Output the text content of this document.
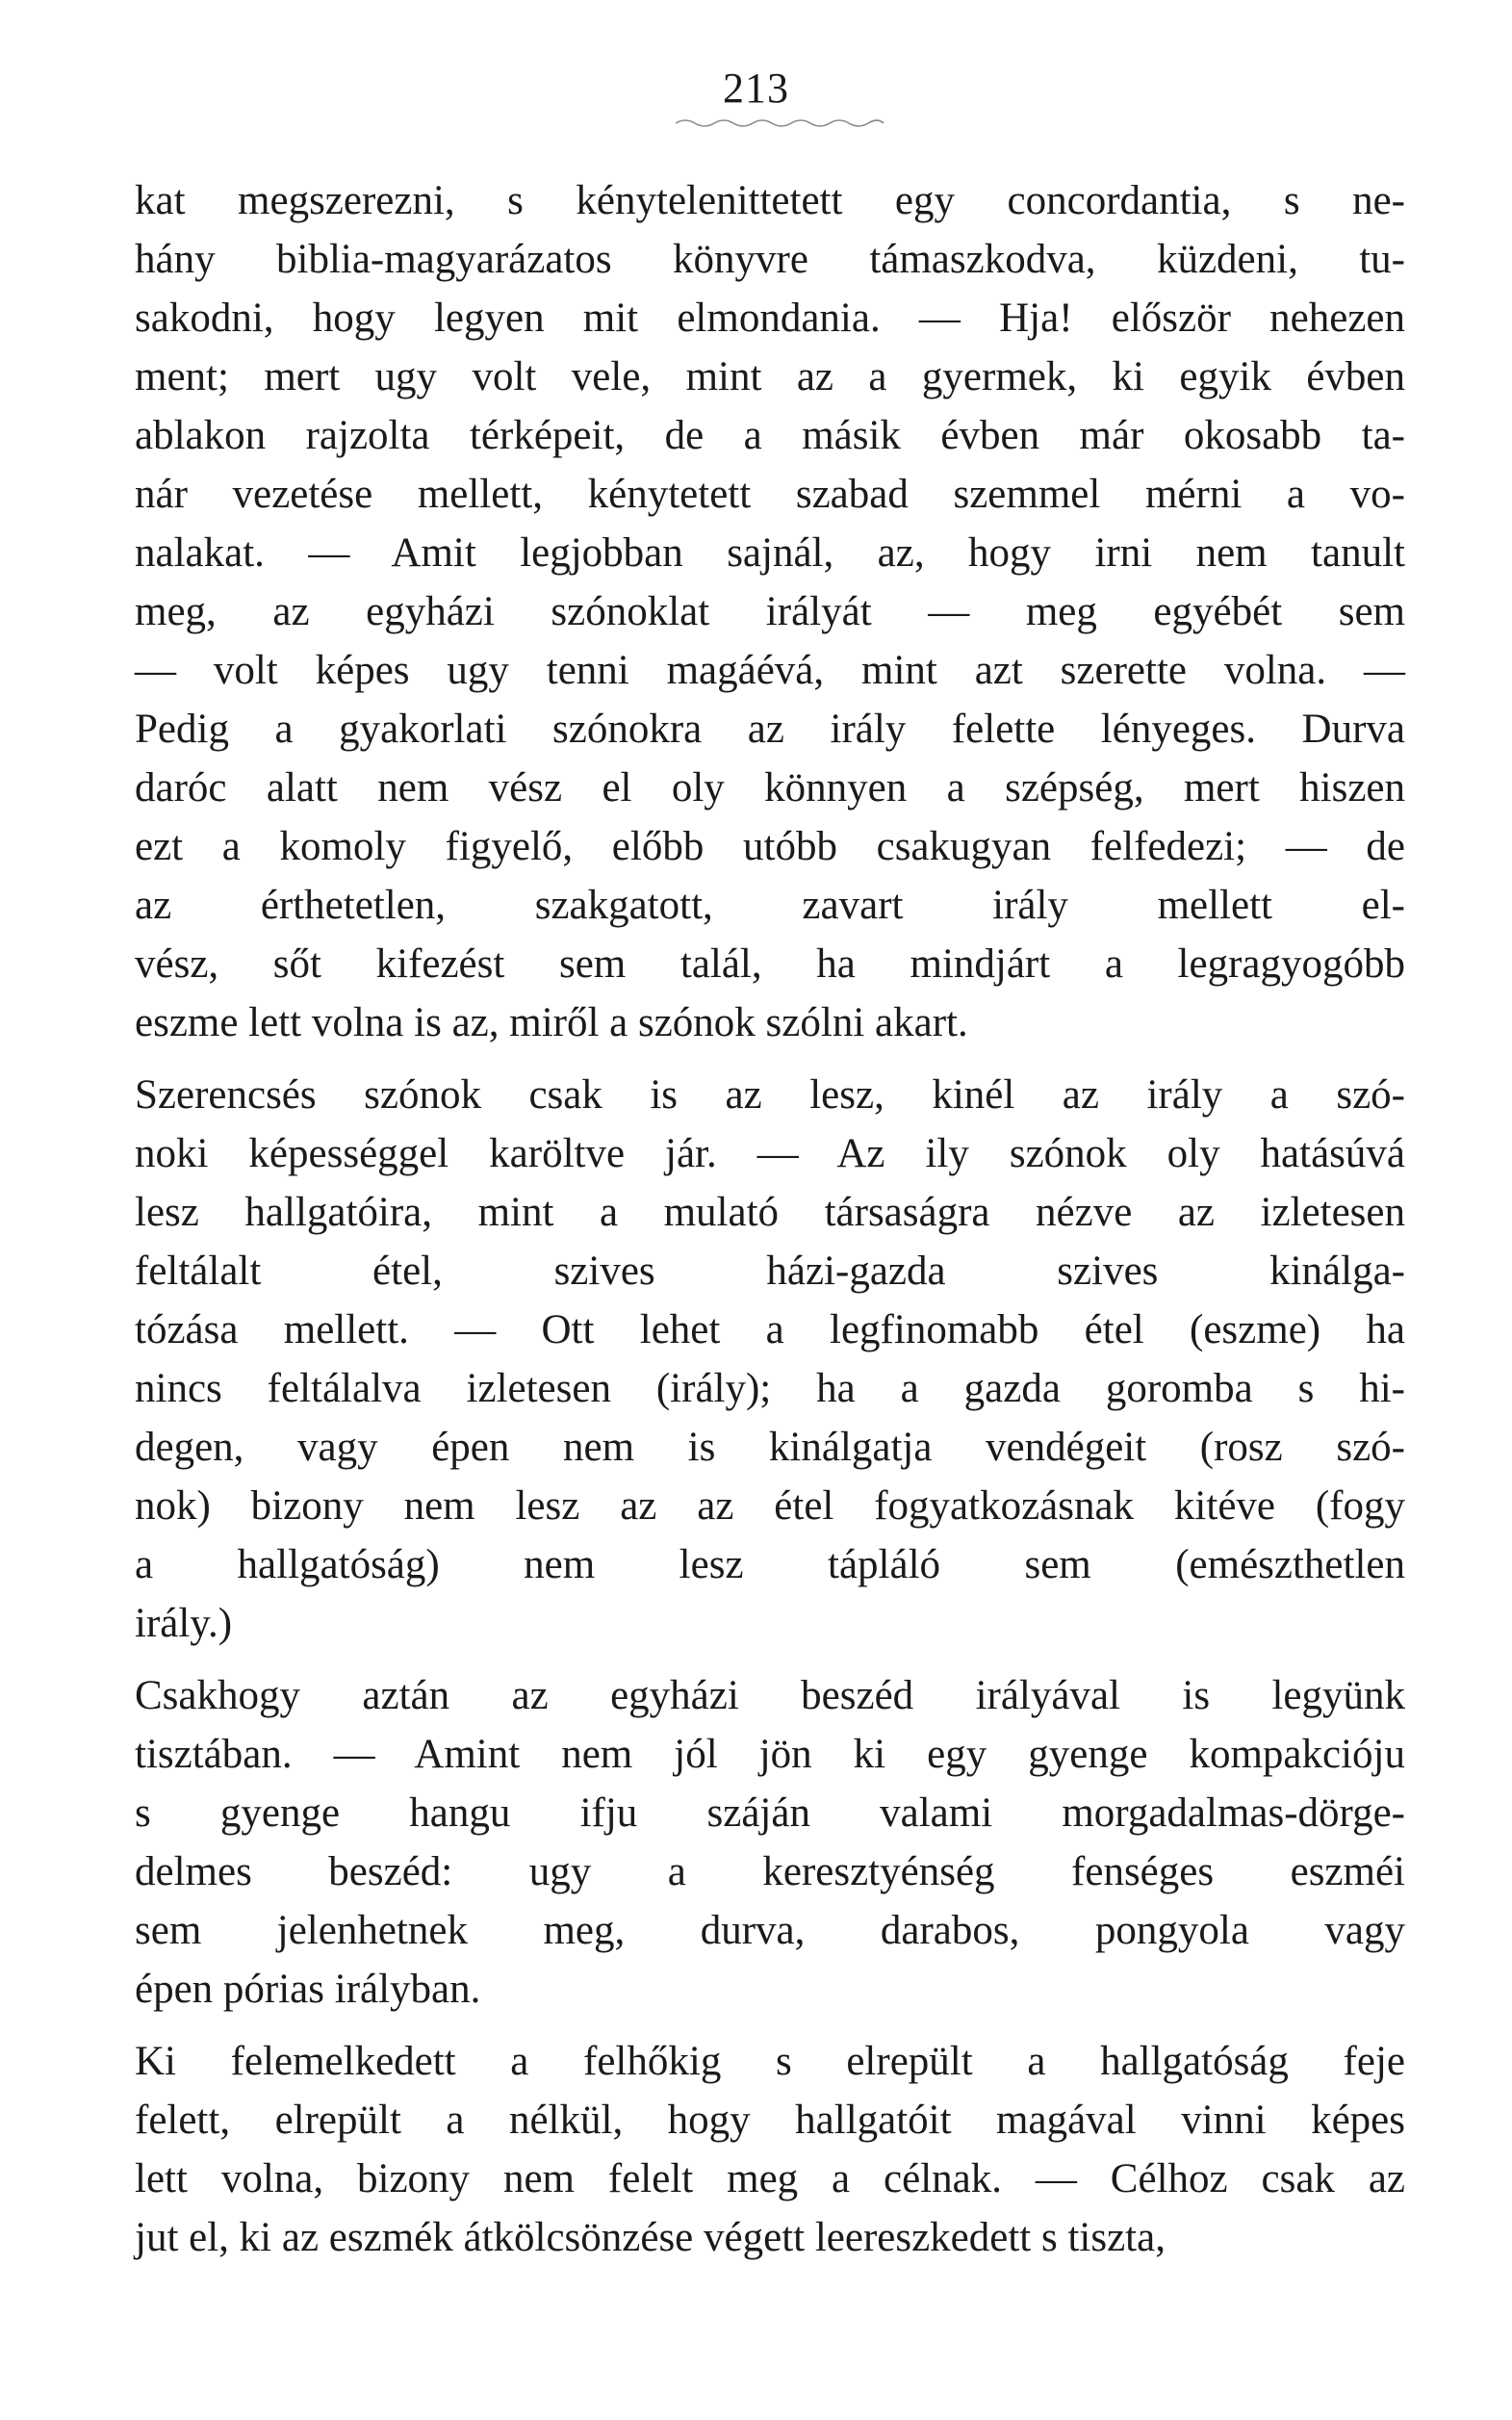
213
kat megszerezni, s kénytelenittetett egy concordantia, s ne-
hány biblia-magyarázatos könyvre támaszkodva, küzdeni, tu-
sakodni, hogy legyen mit elmondania. — Hja! először nehezen
ment; mert ugy volt vele, mint az a gyermek, ki egyik évben
ablakon rajzolta térképeit, de a másik évben már okosabb ta-
nár vezetése mellett, kénytetett szabad szemmel mérni a vo-
nalakat. — Amit legjobban sajnál, az, hogy irni nem tanult
meg, az egyházi szónoklat irályát — meg egyébét sem
— volt képes ugy tenni magáévá, mint azt szerette volna. —
Pedig a gyakorlati szónokra az irály felette lényeges. Durva
daróc alatt nem vész el oly könnyen a szépség, mert hiszen
ezt a komoly figyelő, előbb utóbb csakugyan felfedezi; — de
az érthetetlen, szakgatott, zavart irály mellett el-
vész, sőt kifezést sem talál, ha mindjárt a legragyogóbb
eszme lett volna is az, miről a szónok szólni akart.
Szerencsés szónok csak is az lesz, kinél az irály a szó-
noki képességgel karöltve jár. — Az ily szónok oly hatásúvá
lesz hallgatóira, mint a mulató társaságra nézve az izletesen
feltálalt étel, szives házi-gazda szives kinálga-
tózása mellett. — Ott lehet a legfinomabb étel (eszme) ha
nincs feltálalva izletesen (irály); ha a gazda goromba s hi-
degen, vagy épen nem is kinálgatja vendégeit (rosz szó-
nok) bizony nem lesz az az étel fogyatkozásnak kitéve (fogy
a hallgatóság) nem lesz tápláló sem (emészthetlen
irály.)
Csakhogy aztán az egyházi beszéd irályával is legyünk
tisztában. — Amint nem jól jön ki egy gyenge kompakcióju
s gyenge hangu ifju száján valami morgadalmas-dörge-
delmes beszéd: ugy a keresztyénség fenséges eszméi
sem jelenhetnek meg, durva, darabos, pongyola vagy
épen pórias irályban.
Ki felemelkedett a felhőkig s elrepült a hallgatóság feje
felett, elrepült a nélkül, hogy hallgatóit magával vinni képes
lett volna, bizony nem felelt meg a célnak. — Célhoz csak az
jut el, ki az eszmék átkölcsönzése végett leereszkedett s tiszta,
